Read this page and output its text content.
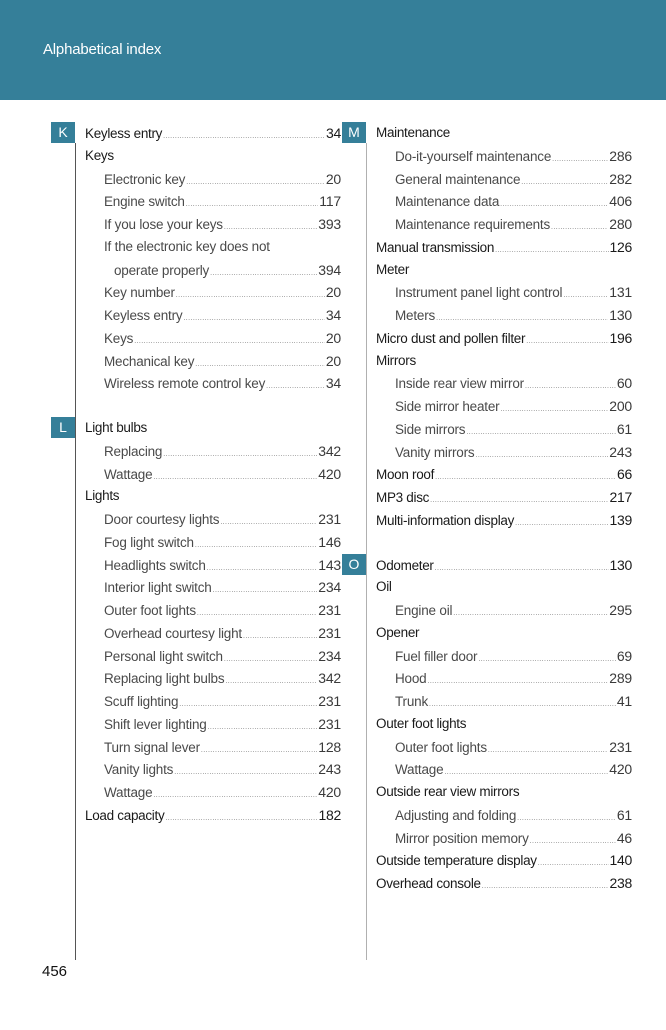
Alphabetical index
K	Keyless entry .....	34
Keys
Electronic key .....	20
Engine switch .....	117
If you lose your keys .....	393
If the electronic key does not
operate properly .....	394
Key number .....	20
Keyless entry .....	34
Keys .....	20
Mechanical key .....	20
Wireless remote control key .....	34
L	Light bulbs
Replacing .....	342
Wattage .....	420
Lights
Door courtesy lights .....	231
Fog light switch .....	146
Headlights switch .....	143
Interior light switch .....	234
Outer foot lights .....	231
Overhead courtesy light .....	231
Personal light switch .....	234
Replacing light bulbs .....	342
Scuff lighting .....	231
Shift lever lighting .....	231
Turn signal lever .....	128
Vanity lights .....	243
Wattage .....	420
Load capacity .....	182
M	Maintenance
Do-it-yourself maintenance .....	286
General maintenance .....	282
Maintenance data .....	406
Maintenance requirements .....	280
Manual transmission .....	126
Meter
Instrument panel light control .....	131
Meters .....	130
Micro dust and pollen filter .....	196
Mirrors
Inside rear view mirror .....	60
Side mirror heater .....	200
Side mirrors .....	61
Vanity mirrors .....	243
Moon roof .....	66
MP3 disc .....	217
Multi-information display .....	139
O	Odometer .....	130
Oil
Engine oil .....	295
Opener
Fuel filler door .....	69
Hood .....	289
Trunk .....	41
Outer foot lights
Outer foot lights .....	231
Wattage .....	420
Outside rear view mirrors
Adjusting and folding .....	61
Mirror position memory .....	46
Outside temperature display .....	140
Overhead console .....	238
456
